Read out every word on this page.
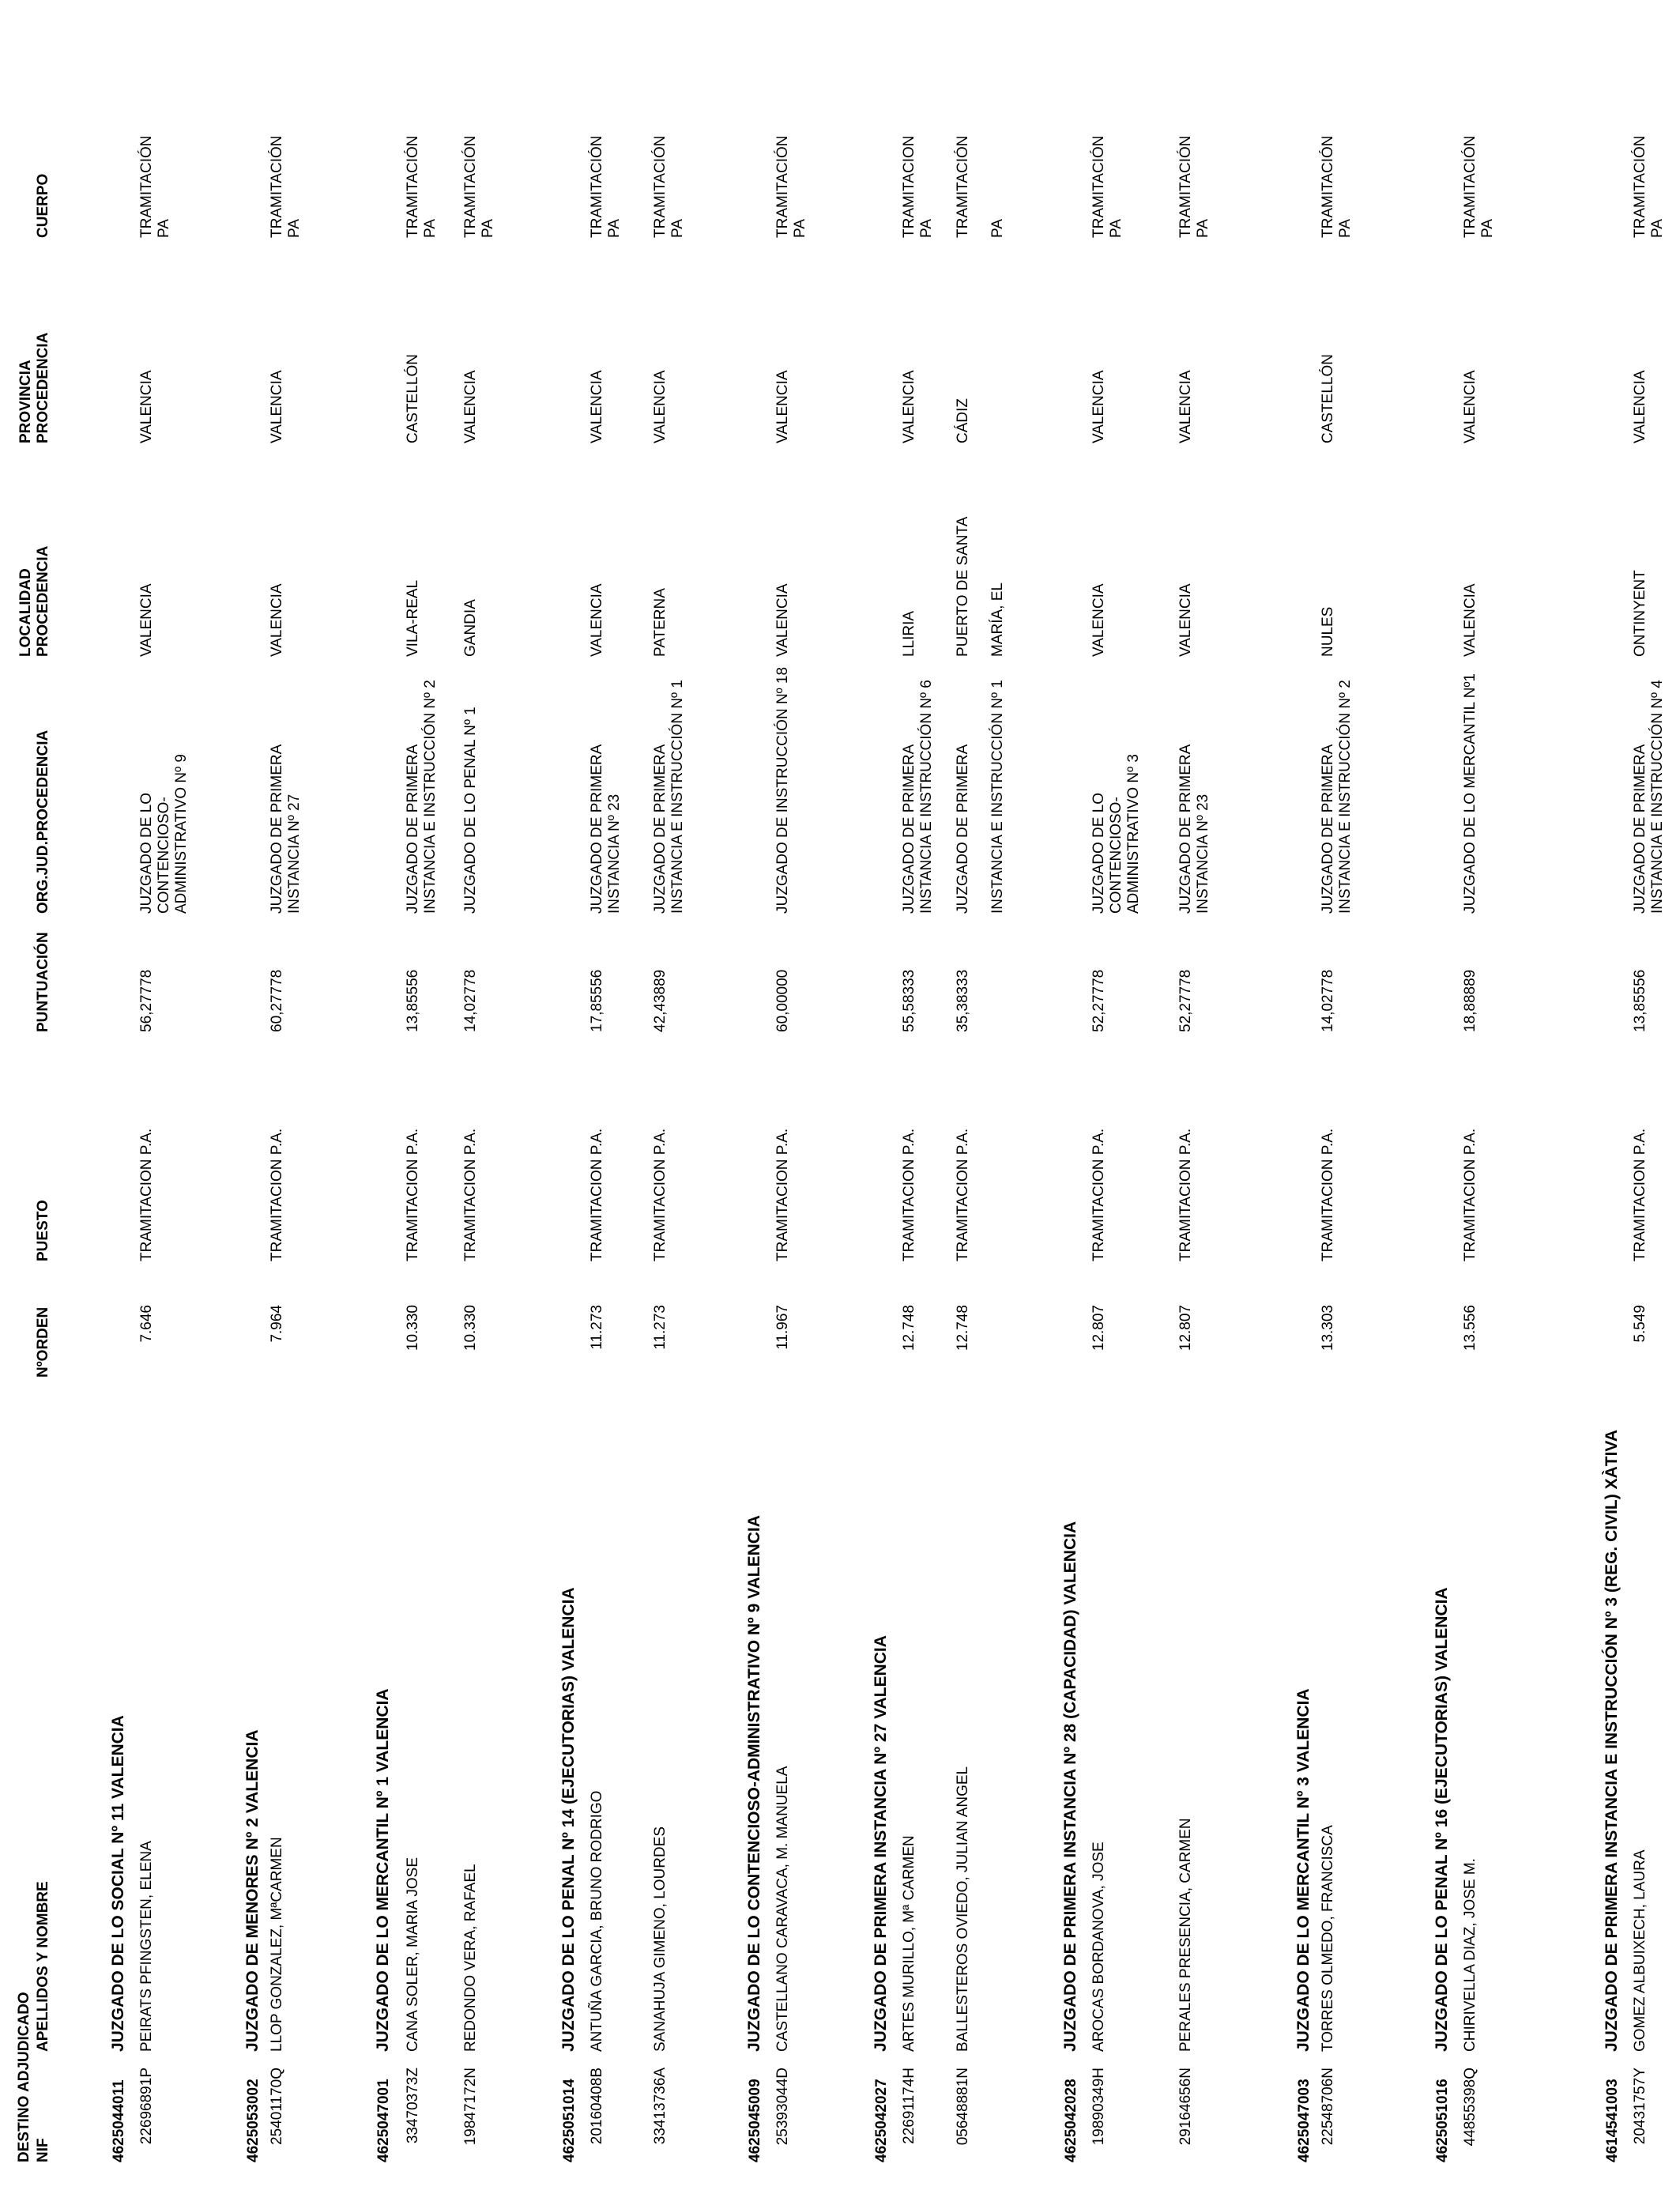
DESTINO ADJUDICADO NIF
APELLIDOS Y NOMBRE
NºORDEN
PUESTO
PUNTUACIÓN
ORG.JUD.PROCEDENCIA
LOCALIDAD
PROCEDENCIA
PROVINCIA
PROCEDENCIA
CUERPO
4625044011
JUZGADO DE LO SOCIAL Nº 11 VALENCIA
22696891P
PEIRATS PFINGSTEN, ELENA
7.646
TRAMITACION P.A.
56,27778
JUZGADO DE LO
CONTENCIOSO-
ADMINISTRATIVO Nº 9
VALENCIA
VALENCIA
TRAMITACIÓN
PA
4625053002
JUZGADO DE MENORES Nº 2 VALENCIA
25401170Q
LLOP GONZALEZ, MªCARMEN
7.964
TRAMITACION P.A.
60,27778
JUZGADO DE PRIMERA
INSTANCIA Nº 27
VALENCIA
VALENCIA
TRAMITACIÓN
PA
4625047001
JUZGADO DE LO MERCANTIL Nº 1 VALENCIA
33470373Z
CANA SOLER, MARIA JOSE
10.330
TRAMITACION P.A.
13,85556
JUZGADO DE PRIMERA
INSTANCIA E INSTRUCCIÓN Nº 2
VILA-REAL
CASTELLÓN
TRAMITACIÓN
PA
19847172N
REDONDO VERA, RAFAEL
10.330
TRAMITACION P.A.
14,02778
JUZGADO DE LO PENAL Nº 1
GANDIA
VALENCIA
TRAMITACIÓN
PA
4625051014
JUZGADO DE LO PENAL Nº 14 (EJECUTORIAS) VALENCIA
20160408B
ANTUÑA GARCIA, BRUNO RODRIGO
11.273
TRAMITACION P.A.
17,85556
JUZGADO DE PRIMERA
INSTANCIA Nº 23
VALENCIA
VALENCIA
TRAMITACIÓN
PA
33413736A
SANAHUJA GIMENO, LOURDES
11.273
TRAMITACION P.A.
42,43889
JUZGADO DE PRIMERA
INSTANCIA E INSTRUCCIÓN Nº 1
PATERNA
VALENCIA
TRAMITACIÓN
PA
4625045009
JUZGADO DE LO CONTENCIOSO-ADMINISTRATIVO Nº 9 VALENCIA
25393044D
CASTELLANO CARAVACA, M. MANUELA
11.967
TRAMITACION P.A.
60,00000
JUZGADO DE INSTRUCCIÓN Nº 18
VALENCIA
VALENCIA
TRAMITACIÓN
PA
4625042027
JUZGADO DE PRIMERA INSTANCIA Nº 27 VALENCIA
22691174H
ARTES MURILLO, Mª CARMEN
12.748
TRAMITACION P.A.
55,58333
JUZGADO DE PRIMERA
INSTANCIA E INSTRUCCIÓN Nº 6
LLIRIA
VALENCIA
TRAMITACION
PA
05648881N
BALLESTEROS OVIEDO, JULIAN ANGEL
12.748
TRAMITACION P.A.
35,38333
JUZGADO DE PRIMERA

INSTANCIA E INSTRUCCIÓN Nº 1
PUERTO DE SANTA

MARÍA, EL
CÁDIZ
TRAMITACIÓN

PA
4625042028
JUZGADO DE PRIMERA INSTANCIA Nº 28 (CAPACIDAD) VALENCIA
19890349H
AROCAS BORDANOVA, JOSE
12.807
TRAMITACION P.A.
52,27778
JUZGADO DE LO
CONTENCIOSO-
ADMINISTRATIVO Nº 3
VALENCIA
VALENCIA
TRAMITACIÓN
PA
29164656N
PERALES PRESENCIA, CARMEN
12.807
TRAMITACION P.A.
52,27778
JUZGADO DE PRIMERA
INSTANCIA Nº 23
VALENCIA
VALENCIA
TRAMITACIÓN
PA
4625047003
JUZGADO DE LO MERCANTIL Nº 3 VALENCIA
22548706N
TORRES OLMEDO, FRANCISCA
13.303
TRAMITACION P.A.
14,02778
JUZGADO DE PRIMERA
INSTANCIA E INSTRUCCIÓN Nº 2
NULES
CASTELLÓN
TRAMITACIÓN
PA
4625051016
JUZGADO DE LO PENAL Nº 16 (EJECUTORIAS) VALENCIA
44855398Q
CHIRIVELLA DIAZ, JOSE M.
13.556
TRAMITACION P.A.
18,88889
JUZGADO DE LO MERCANTIL Nº1
VALENCIA
VALENCIA
TRAMITACIÓN
PA
4614541003
JUZGADO DE PRIMERA INSTANCIA E INSTRUCCIÓN Nº 3 (REG. CIVIL) XÀTIVA
20431757Y
GOMEZ ALBUIXECH, LAURA
5.549
TRAMITACION P.A.
13,85556
JUZGADO DE PRIMERA
INSTANCIA E INSTRUCCIÓN Nº 4
ONTINYENT
VALENCIA
TRAMITACIÓN
PA
